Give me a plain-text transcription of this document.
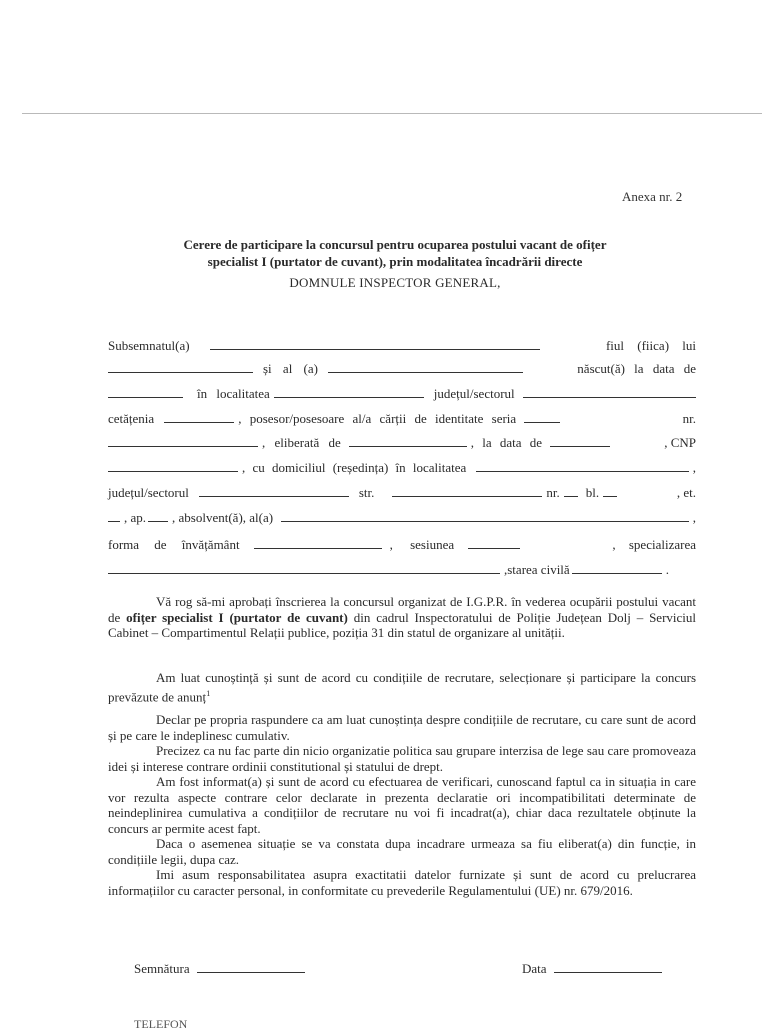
Anexa nr. 2
Cerere de participare la concursul pentru ocuparea postului vacant de ofițer
specialist I (purtator de cuvant), prin modalitatea încadrării directe
DOMNULE INSPECTOR GENERAL,
Subsemnatul(a)	fiul (fiica) lui
și al (a)	născut(ă) la data de
în localitatea	județul/sectorul
cetățenia	, posesor/posesoare al/a cărții de identitate seria	nr.
, eliberată de	, la data de	, CNP
, cu domiciliul (reședința) în localitatea	,
județul/sectorul	str.	nr. bl.	, et.
, ap. , absolvent(ă), al(a)	,
forma de învățământ	, sesiunea	, specializarea
,starea civilă	.
Vă rog să-mi aprobați înscrierea la concursul organizat de I.G.P.R. în vederea ocupării postului vacant de ofițer specialist I (purtator de cuvant) din cadrul Inspectoratului de Poliție Județean Dolj – Serviciul Cabinet – Compartimentul Relații publice, poziția 31 din statul de organizare al unității.
Am luat cunoștință și sunt de acord cu condițiile de recrutare, selecționare și participare la concurs prevăzute de anunț$^1$

Declar pe propria raspundere ca am luat cunoștința despre condițiile de recrutare, cu care sunt de acord și pe care le indeplinesc cumulativ.

Precizez ca nu fac parte din nicio organizatie politica sau grupare interzisa de lege sau care promoveaza idei și interese contrare ordinii constitutional și statului de drept.

Am fost informat(a) și sunt de acord cu efectuarea de verificari, cunoscand faptul ca in situația in care vor rezulta aspecte contrare celor declarate in prezenta declaratie ori incompatibilitati determinate de neindeplinirea cumulativa a condițiilor de recrutare nu voi fi incadrat(a), chiar daca rezultatele obținute la concurs ar permite acest fapt.

Daca o asemenea situație se va constata dupa incadrare urmeaza sa fiu eliberat(a) din funcție, in condițiile legii, dupa caz.

Imi asum responsabilitatea asupra exactitatii datelor furnizate și sunt de acord cu prelucrarea informațiilor cu caracter personal, in conformitate cu prevederile Regulamentului (UE) nr. 679/2016.

Semnătura	Data
TELEFON
